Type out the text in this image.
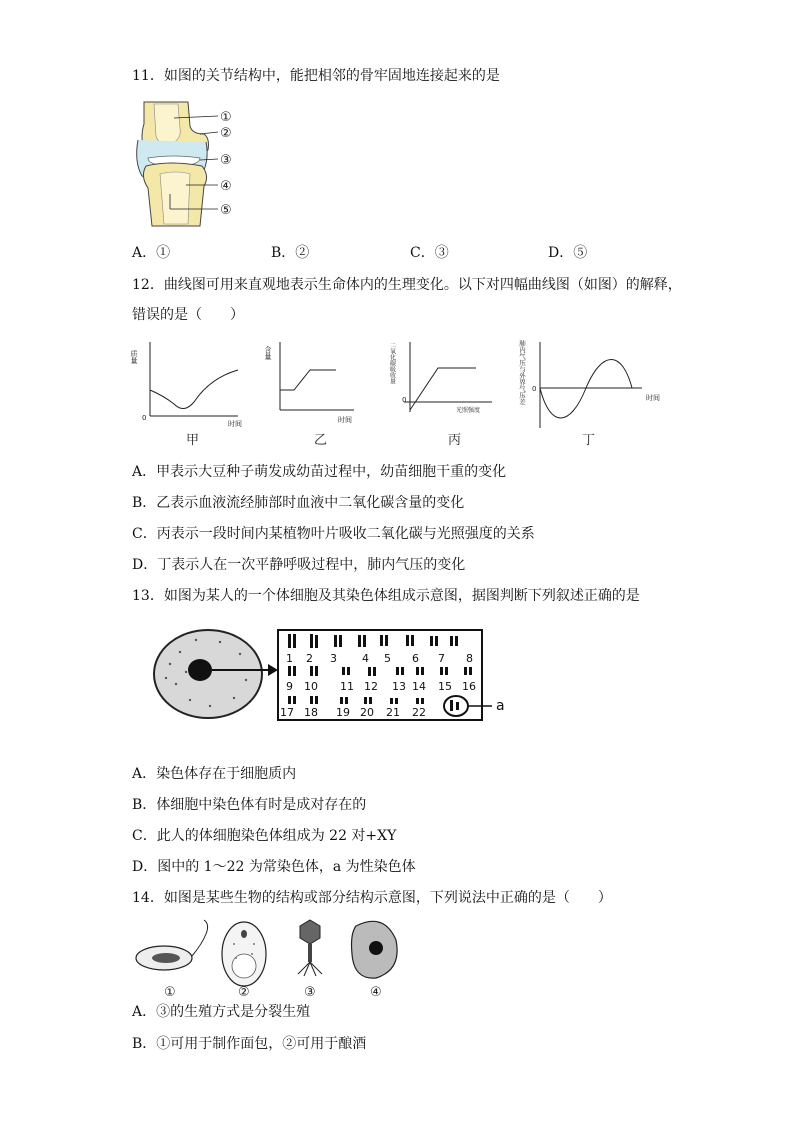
11．如图的关节结构中，能把相邻的骨牢固地连接起来的是
①
②
③
④
⑤
A．①	B．②	C．③	D．⑤
12．曲线图可用来直观地表示生命体内的生理变化。以下对四幅曲线图（如图）的解释，
错误的是（　　）
质量
0
时间
甲
含量
时间
乙
二氧化碳吸收量
0
光照强度
丙
肺内气压与外界气压差 0
时间
丁
A．甲表示大豆种子萌发成幼苗过程中，幼苗细胞干重的变化
B．乙表示血液流经肺部时血液中二氧化碳含量的变化
C．丙表示一段时间内某植物叶片吸收二氧化碳与光照强度的关系
D．丁表示人在一次平静呼吸过程中，肺内气压的变化
13．如图为某人的一个体细胞及其染色体组成示意图，据图判断下列叙述正确的是
1 2 3 4 5 6 7 8
9 10 11 12 13 14 15 16
17 18 19 20 21 22	a
A．染色体存在于细胞质内
B．体细胞中染色体有时是成对存在的
C．此人的体细胞染色体组成为 22 对+XY
D．图中的 1～22 为常染色体，a 为性染色体
14．如图是某些生物的结构或部分结构示意图，下列说法中正确的是（　　）
①	②	③	④
A．③的生殖方式是分裂生殖
B．①可用于制作面包，②可用于酿酒
